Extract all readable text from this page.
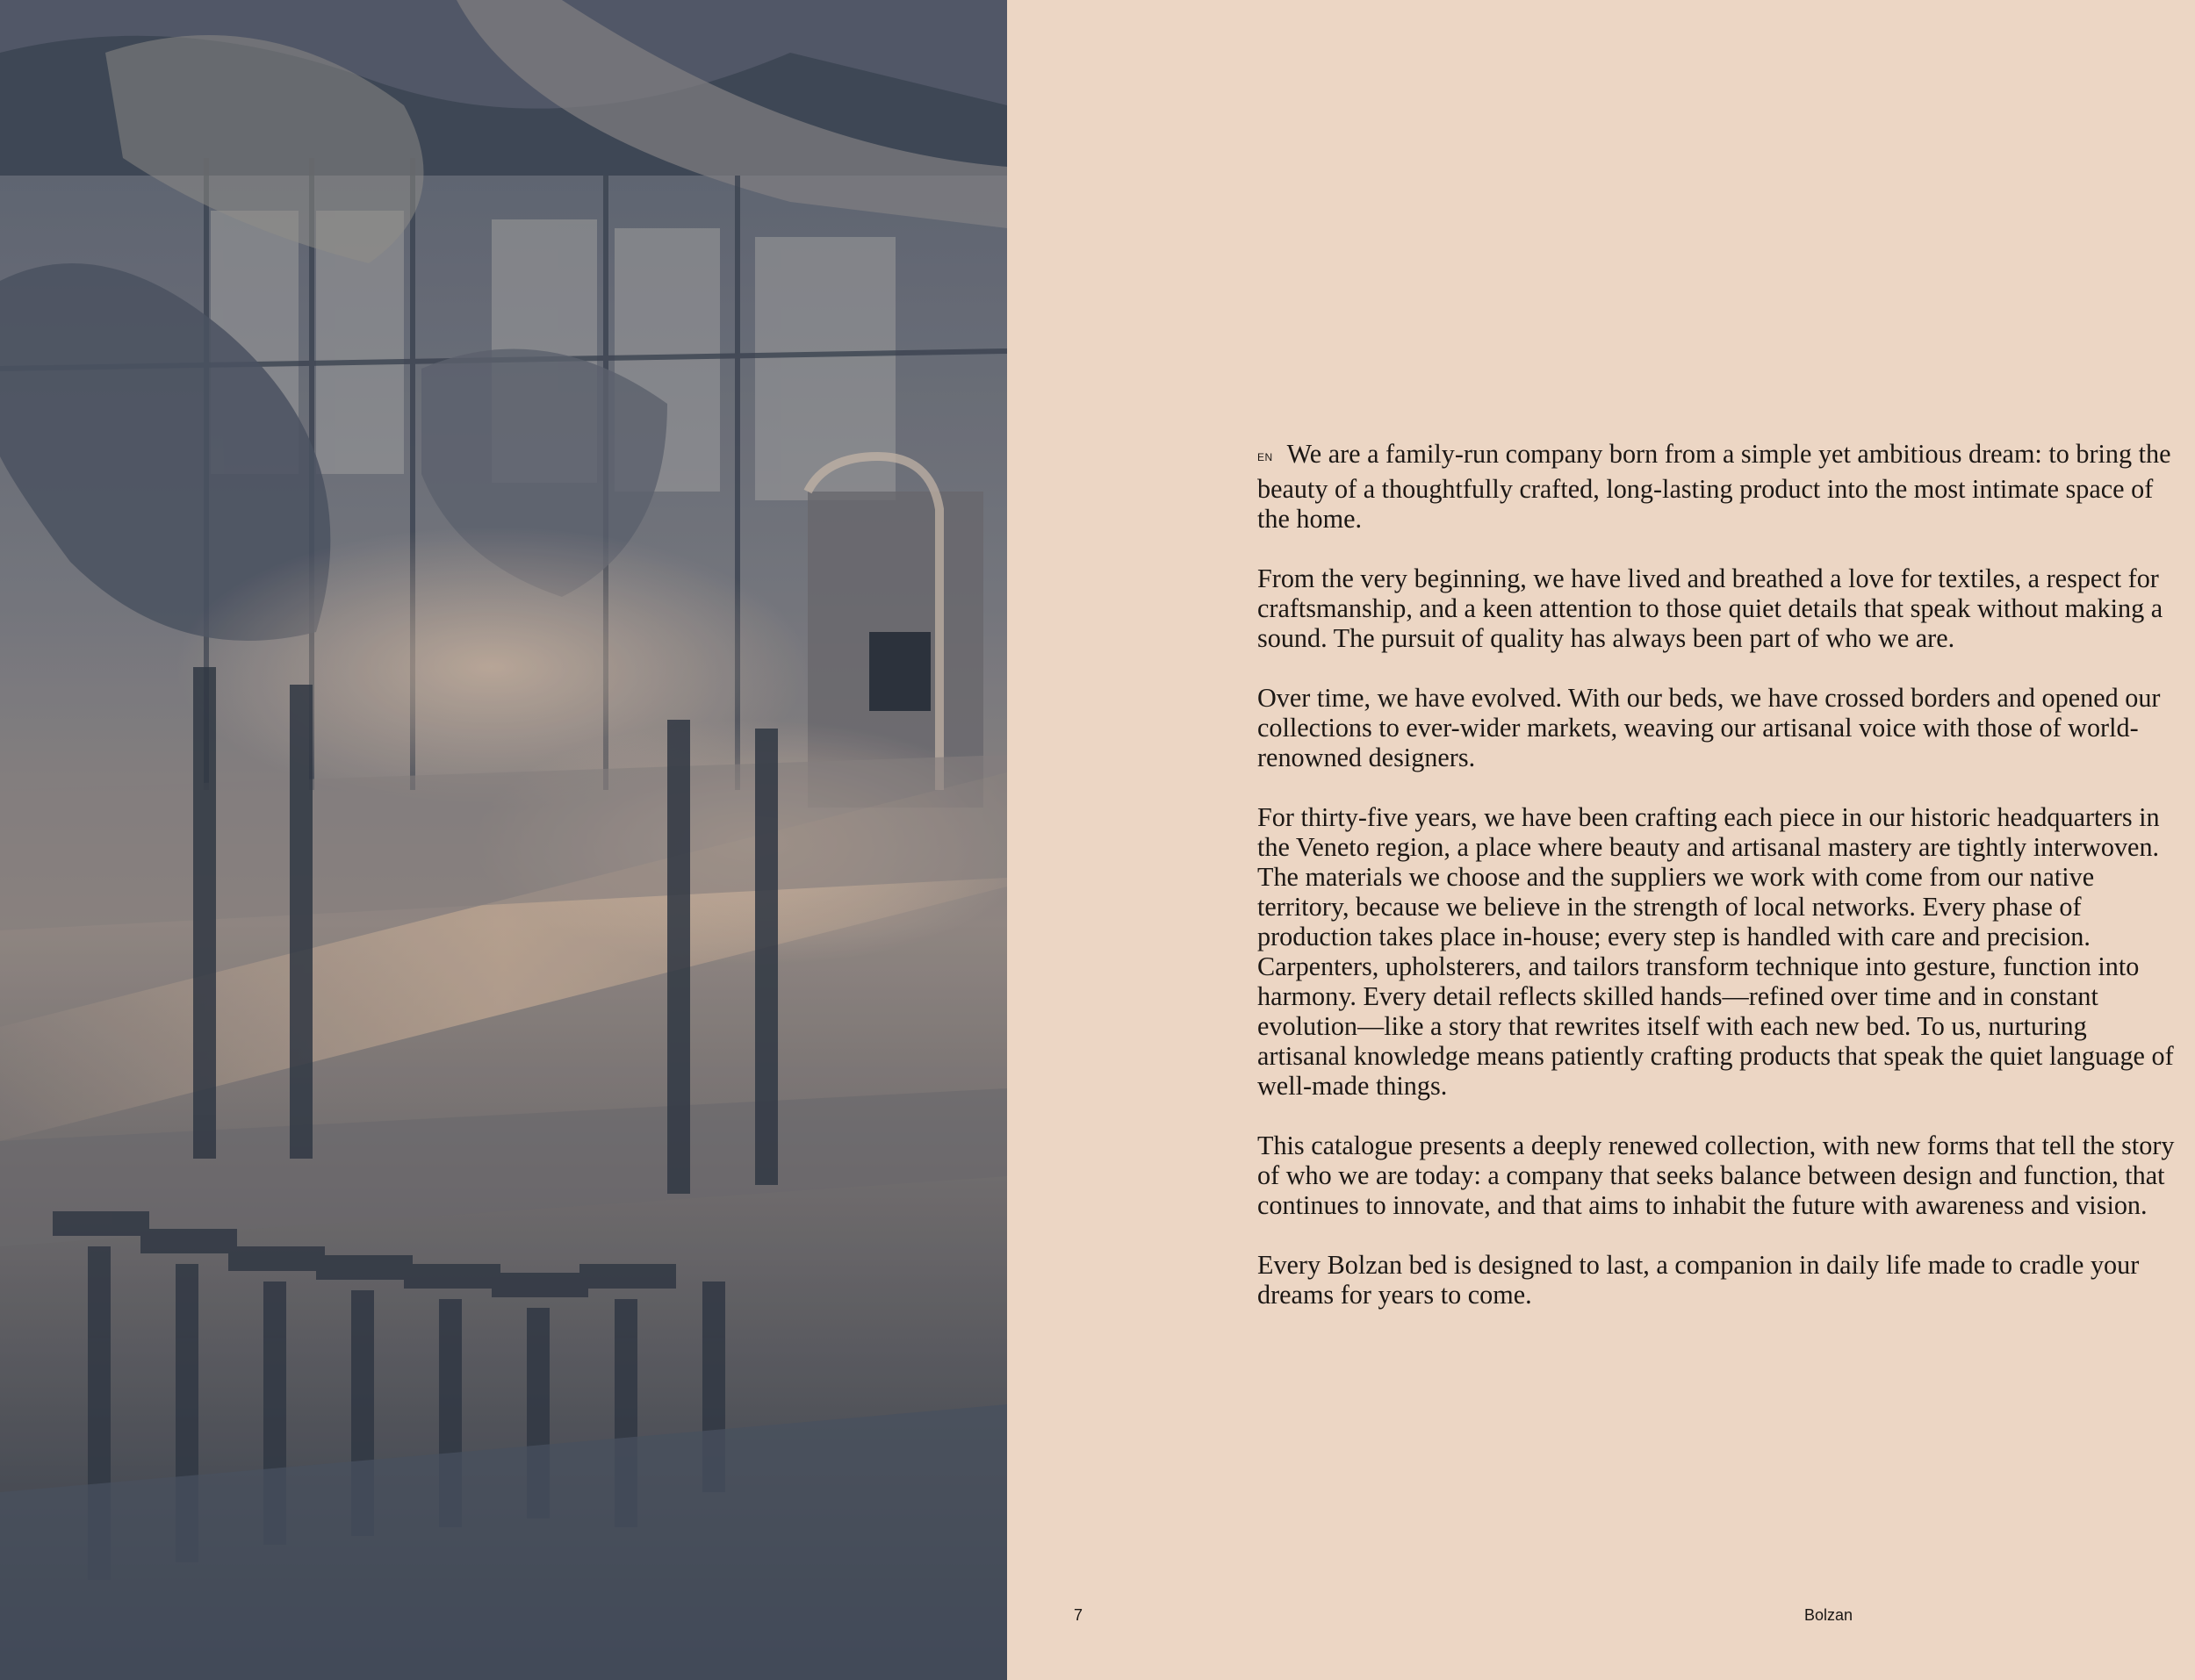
EN We are a family-run company born from a simple yet ambitious dream: to bring the beauty of a thoughtfully crafted, long-lasting product into the most intimate space of the home.

From the very beginning, we have lived and breathed a love for textiles, a respect for craftsmanship, and a keen attention to those quiet details that speak without making a sound. The pursuit of quality has always been part of who we are.

Over time, we have evolved. With our beds, we have crossed borders and opened our collections to ever-wider markets, weaving our artisanal voice with those of world-renowned designers.

For thirty-five years, we have been crafting each piece in our historic headquarters in the Veneto region, a place where beauty and artisanal mastery are tightly interwoven. The materials we choose and the suppliers we work with come from our native territory, because we believe in the strength of local networks. Every phase of production takes place in-house; every step is handled with care and precision. Carpenters, upholsterers, and tailors transform technique into gesture, function into harmony. Every detail reflects skilled hands—refined over time and in constant evolution—like a story that rewrites itself with each new bed. To us, nurturing artisanal knowledge means patiently crafting products that speak the quiet language of well-made things.

This catalogue presents a deeply renewed collection, with new forms that tell the story of who we are today: a company that seeks balance between design and function, that continues to innovate, and that aims to inhabit the future with awareness and vision.

Every Bolzan bed is designed to last, a companion in daily life made to cradle your dreams for years to come.

7	Bolzan
